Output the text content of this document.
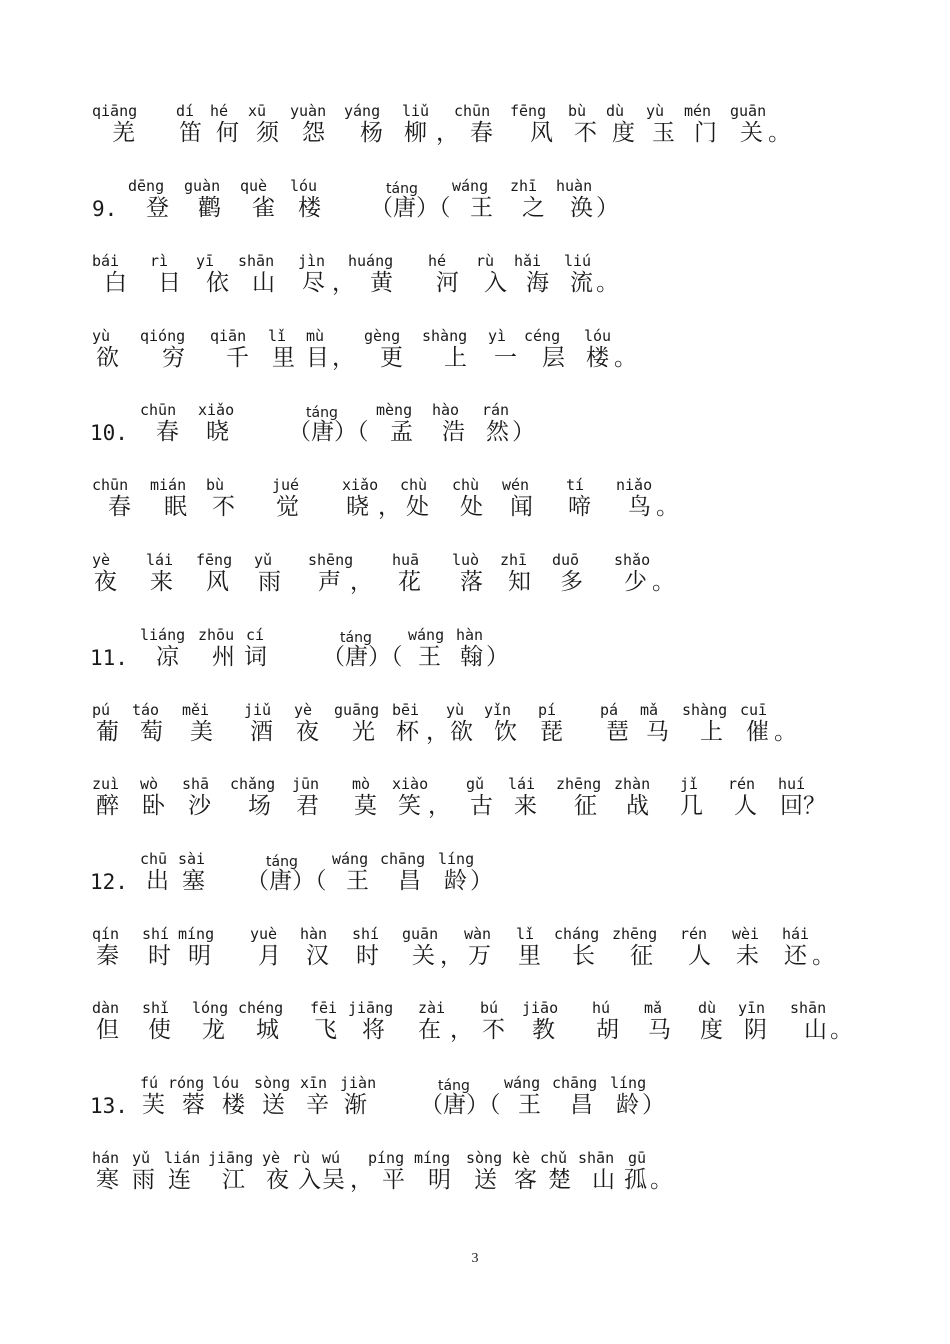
qiāng	dí hé xū yuàn yáng liǔ chūn fēng bù dù yù mén guān
羌 笛 何 须 怨 杨 柳 ， 春 风 不 度 玉 门 关 。
dēng guàn què lóu	táng wáng zhī huàn
9. 登 鹳 雀 楼 （唐）（ 王 之 涣 ）
bái rì yī shān jìn huáng hé rù hǎi liú
白 日 依 山 尽 ， 黄 河 入 海 流 。
yù qióng qiān lǐ mù	gèng shàng yì céng lóu
欲 穷 千 里 目 ， 更 上 一 层 楼 。
chūn xiǎo	táng	mèng hào rán
10. 春 晓	（唐）（ 孟 浩 然 ）
chūn mián bù	jué	xiǎo chù chù wén tí niǎo
春 眠 不 觉 晓 ， 处 处 闻 啼 鸟 。
yè lái fēng yǔ shēng	huā luò zhī duō shǎo
夜 来 风 雨 声 ， 花 落 知 多 少 。
liáng zhōu cí	táng wáng hàn
11. 凉 州 词 （唐）（ 王 翰 ）
pú táo měi jiǔ yè guāng bēi yù yǐn pí	pá mǎ shàng cuī
葡 萄 美 酒 夜 光 杯 ， 欲 饮 琵 琶 马 上 催 。
zuì wò shā chǎng jūn mò xiào	gǔ lái zhēng zhàn jǐ rén huí
醉 卧 沙 场 君 莫 笑 ， 古 来 征 战 几 人 回？
chū sài	táng wáng chāng líng
12. 出 塞 （唐）（ 王 昌 龄 ）
qín shí míng yuè hàn shí guān wàn lǐ cháng zhēng rén wèi hái
秦 时 明 月 汉 时 关 ， 万 里 长 征 人 未 还 。
dàn shǐ lóng chéng fēi jiāng zài bú jiāo hú mǎ dù yīn shān
但 使 龙 城 飞 将 在 ， 不 教 胡 马 度 阴 山 。
fú róng lóu sòng xīn jiàn	táng wáng chāng líng
13. 芙 蓉 楼 送 辛 渐 （唐）（ 王 昌 龄 ）
hán yǔ lián jiāng yè rù wú píng míng sòng kè chǔ shān gū
寒 雨 连 江 夜 入 吴 ， 平 明 送 客 楚 山 孤 。
3
